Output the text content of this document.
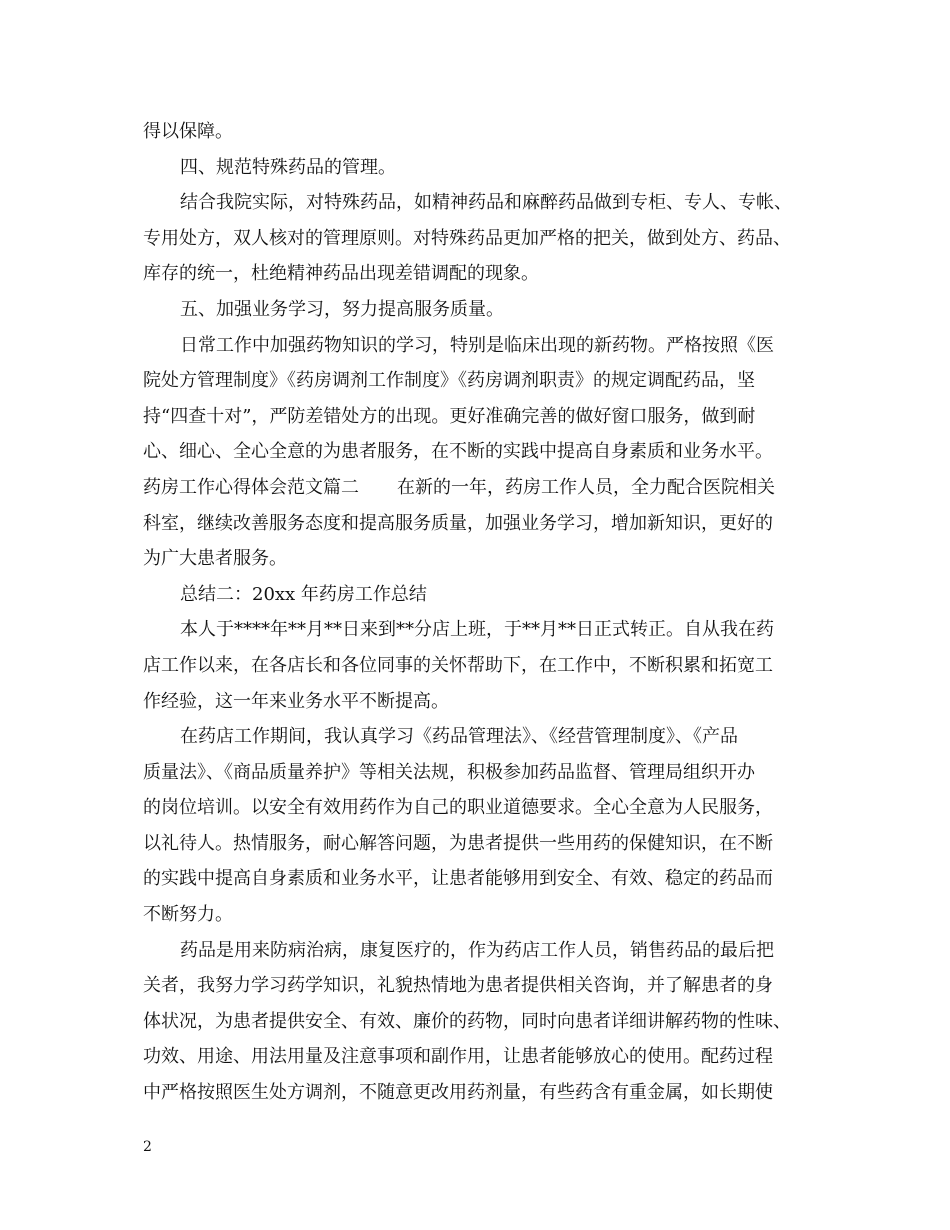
得以保障。
四、规范特殊药品的管理。
结合我院实际，对特殊药品，如精神药品和麻醉药品做到专柜、专人、专帐、
专用处方，双人核对的管理原则。对特殊药品更加严格的把关，做到处方、药品、
库存的统一，杜绝精神药品出现差错调配的现象。
五、加强业务学习，努力提高服务质量。
日常工作中加强药物知识的学习，特别是临床出现的新药物。严格按照《医
院处方管理制度》《药房调剂工作制度》《药房调剂职责》的规定调配药品，坚
持“四查十对”，严防差错处方的出现。更好准确完善的做好窗口服务，做到耐
心、细心、全心全意的为患者服务，在不断的实践中提高自身素质和业务水平。
药房工作心得体会范文篇二 在新的一年，药房工作人员，全力配合医院相关
科室，继续改善服务态度和提高服务质量，加强业务学习，增加新知识，更好的
为广大患者服务。
总结二：20xx 年药房工作总结
本人于****年**月**日来到**分店上班，于**月**日正式转正。自从我在药
店工作以来，在各店长和各位同事的关怀帮助下，在工作中，不断积累和拓宽工
作经验，这一年来业务水平不断提高。
在药店工作期间，我认真学习《药品管理法》、《经营管理制度》、《产品
质量法》、《商品质量养护》等相关法规，积极参加药品监督、管理局组织开办
的岗位培训。以安全有效用药作为自己的职业道德要求。全心全意为人民服务，
以礼待人。热情服务，耐心解答问题，为患者提供一些用药的保健知识，在不断
的实践中提高自身素质和业务水平，让患者能够用到安全、有效、稳定的药品而
不断努力。
药品是用来防病治病，康复医疗的，作为药店工作人员，销售药品的最后把
关者，我努力学习药学知识，礼貌热情地为患者提供相关咨询，并了解患者的身
体状况，为患者提供安全、有效、廉价的药物，同时向患者详细讲解药物的性味、
功效、用途、用法用量及注意事项和副作用，让患者能够放心的使用。配药过程
中严格按照医生处方调剂，不随意更改用药剂量，有些药含有重金属，如长期使
2
